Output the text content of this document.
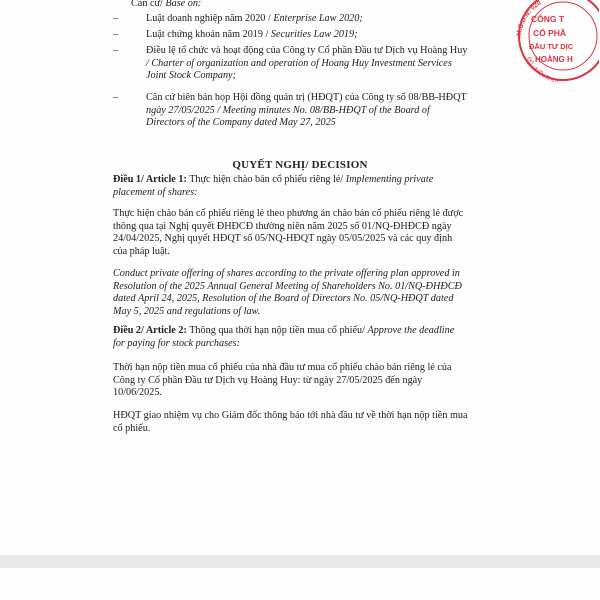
Căn cứ/ Base on:
–	Luật doanh nghiệp năm 2020 / Enterprise Law 2020;
–	Luật chứng khoán năm 2019 / Securities Law 2019;
–	Điều lệ tổ chức và hoạt động của Công ty Cổ phần Đầu tư Dịch vụ Hoàng Huy
/ Charter of organization and operation of Hoang Huy Investment Services
Joint Stock Company;
–	Căn cứ biên bản họp Hội đồng quản trị (HĐQT) của Công ty số 08/BB-HĐQT
ngày 27/05/2025 / Meeting minutes No. 08/BB-HĐQT of the Board of
Directors of the Company dated May 27, 2025
QUYẾT NGHỊ/ DECISION
Điều 1/ Article 1: Thực hiện chào bán cổ phiếu riêng lẻ/ Implementing private
placement of shares:
Thực hiện chào bán cổ phiếu riêng lẻ theo phương án chào bán cổ phiếu riêng lẻ được
thông qua tại Nghị quyết ĐHĐCĐ thường niên năm 2025 số 01/NQ-ĐHĐCĐ ngày
24/04/2025, Nghị quyết HĐQT số 05/NQ-HĐQT ngày 05/05/2025 và các quy định
của pháp luật.
Conduct private offering of shares according to the private offering plan approved in
Resolution of the 2025 Annual General Meeting of Shareholders No. 01/NQ-ĐHĐCĐ
dated April 24, 2025, Resolution of the Board of Directors No. 05/NQ-HĐQT dated
May 5, 2025 and regulations of law.
Điều 2/ Article 2: Thông qua thời hạn nộp tiền mua cổ phiếu/ Approve the deadline
for paying for stock purchases:
Thời hạn nộp tiền mua cổ phiếu của nhà đầu tư mua cổ phiếu chào bán riêng lẻ của
Công ty Cổ phần Đầu tư Dịch vụ Hoàng Huy: từ ngày 27/05/2025 đến ngày
10/06/2025.
HĐQT giao nhiệm vụ cho Giám đốc thông báo tới nhà đầu tư về thời hạn nộp tiền mua
cổ phiếu.
M.S.D.N: 020
ĐÔ - KIẾN THỤY
CÔNG T
CỔ PHẦ
ĐẦU TƯ DỊC
HOÀNG H
